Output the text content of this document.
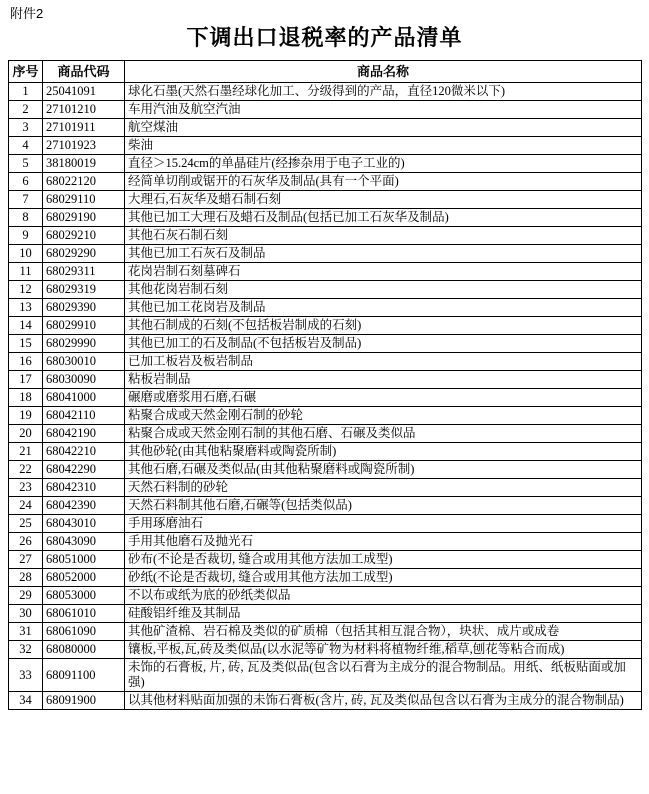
附件2
下调出口退税率的产品清单
序号	商品代码	商品名称
1	25041091	球化石墨(天然石墨经球化加工、分级得到的产品，直径120微米以下)
2	27101210	车用汽油及航空汽油
3	27101911	航空煤油
4	27101923	柴油
5	38180019	直径＞15.24cm的单晶硅片(经掺杂用于电子工业的)
6	68022120	经简单切削或锯开的石灰华及制品(具有一个平面)
7	68029110	大理石,石灰华及蜡石制石刻
8	68029190	其他已加工大理石及蜡石及制品(包括已加工石灰华及制品)
9	68029210	其他石灰石制石刻
10	68029290	其他已加工石灰石及制品
11	68029311	花岗岩制石刻墓碑石
12	68029319	其他花岗岩制石刻
13	68029390	其他已加工花岗岩及制品
14	68029910	其他石制成的石刻(不包括板岩制成的石刻)
15	68029990	其他已加工的石及制品(不包括板岩及制品)
16	68030010	已加工板岩及板岩制品
17	68030090	粘板岩制品
18	68041000	碾磨或磨浆用石磨,石碾
19	68042110	粘聚合成或天然金刚石制的砂轮
20	68042190	粘聚合成或天然金刚石制的其他石磨、石碾及类似品
21	68042210	其他砂轮(由其他粘聚磨料或陶瓷所制)
22	68042290	其他石磨,石碾及类似品(由其他粘聚磨料或陶瓷所制)
23	68042310	天然石料制的砂轮
24	68042390	天然石料制其他石磨,石碾等(包括类似品)
25	68043010	手用琢磨油石
26	68043090	手用其他磨石及抛光石
27	68051000	砂布(不论是否裁切, 缝合或用其他方法加工成型)
28	68052000	砂纸(不论是否裁切, 缝合或用其他方法加工成型)
29	68053000	不以布或纸为底的砂纸类似品
30	68061010	硅酸铝纤维及其制品
31	68061090	其他矿渣棉、岩石棉及类似的矿质棉（包括其相互混合物），块状、成片或成卷
32	68080000	镶板,平板,瓦,砖及类似品(以水泥等矿物为材料将植物纤维,稻草,刨花等粘合而成)
33	68091100	未饰的石膏板, 片, 砖, 瓦及类似品(包含以石膏为主成分的混合物制品。用纸、纸板贴面或加强)
34	68091900	以其他材料贴面加强的未饰石膏板(含片, 砖, 瓦及类似品包含以石膏为主成分的混合物制品)
